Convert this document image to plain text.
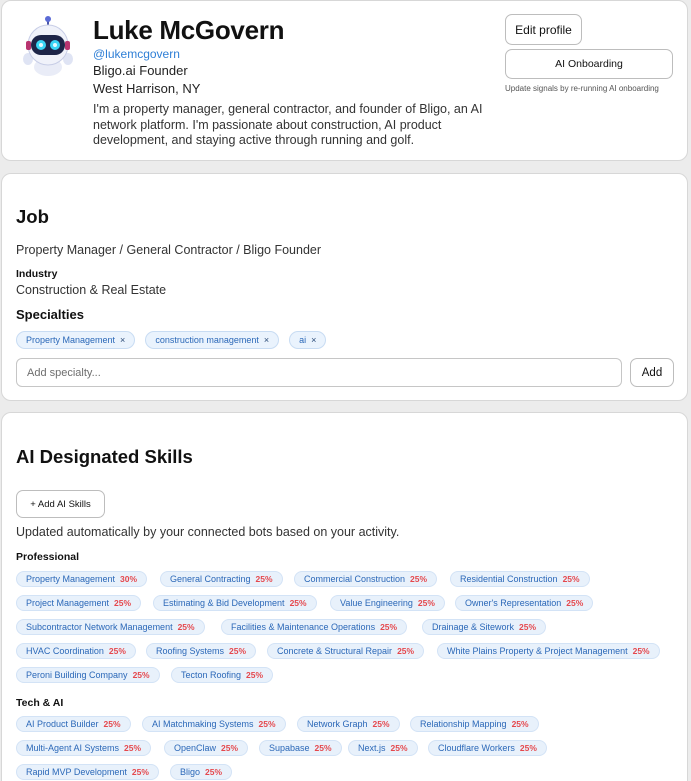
Luke McGovern
@lukemcgovern
Bligo.ai Founder
West Harrison, NY
I'm a property manager, general contractor, and founder of Bligo, an AI network platform. I'm passionate about construction, AI product development, and staying active through running and golf.
Edit profile
AI Onboarding
Update signals by re-running AI onboarding
Job
Property Manager / General Contractor / Bligo Founder
Industry
Construction & Real Estate
Specialties
Property Management ×	construction management ×	ai ×
Add specialty...
Add
AI Designated Skills
+ Add AI Skills
Updated automatically by your connected bots based on your activity.
Professional
Tech & AI
Property Management 30%	General Contracting 25%	Commercial Construction 25%	Residential Construction 25%
Project Management 25%	Estimating & Bid Development 25%	Value Engineering 25%	Owner's Representation 25%
Subcontractor Network Management 25%	Facilities & Maintenance Operations 25%	Drainage & Sitework 25%
HVAC Coordination 25%	Roofing Systems 25%	Concrete & Structural Repair 25%	White Plains Property & Project Management 25%
Peroni Building Company 25%	Tecton Roofing 25%
AI Product Builder 25%	AI Matchmaking Systems 25%	Network Graph 25%	Relationship Mapping 25%
Multi-Agent AI Systems 25%	OpenClaw 25%	Supabase 25%	Next.js 25%	Cloudflare Workers 25%
Rapid MVP Development 25%	Bligo 25%
